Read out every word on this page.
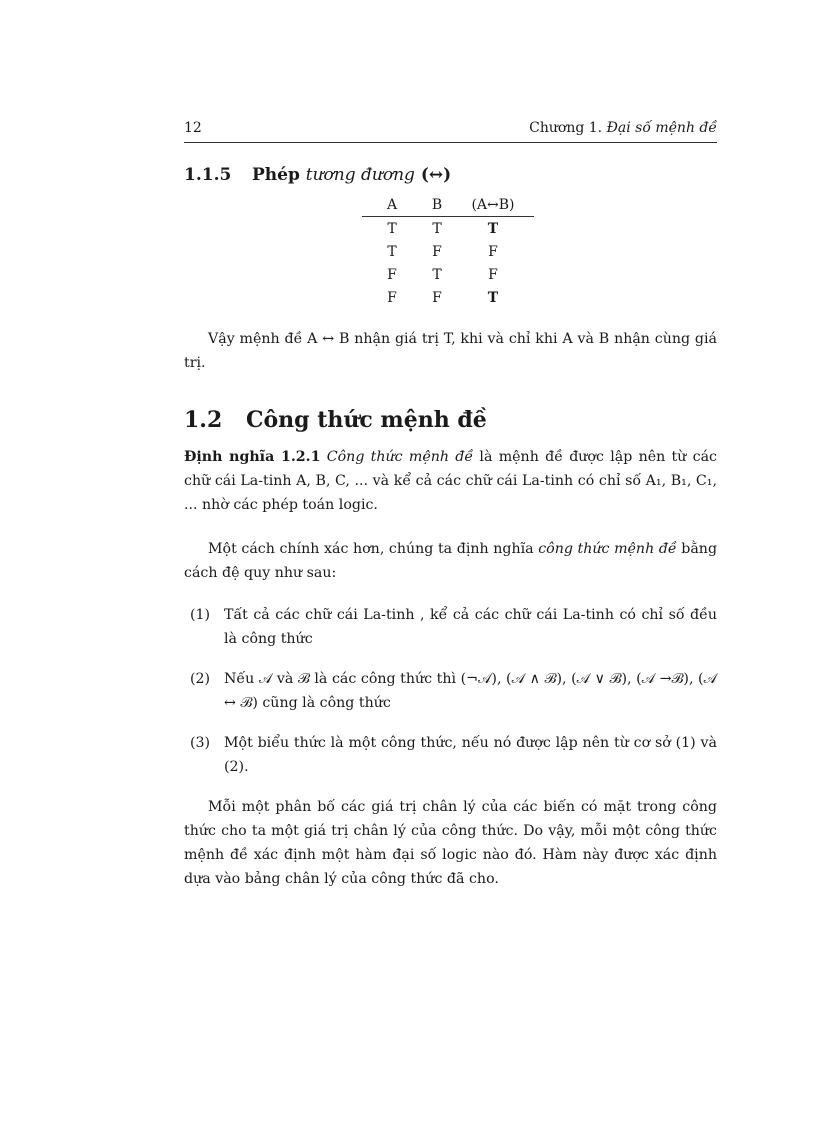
12	Chương 1. Đại số mệnh đề
1.1.5	Phép tương đương (↔)
A	B	(A↔B)
T	T	T
T	F	F
F	T	F
F	F	T

Vậy mệnh đề A ↔ B nhận giá trị T, khi và chỉ khi A và B nhận cùng giá trị.

1.2	Công thức mệnh đề

Định nghĩa 1.2.1 Công thức mệnh đề là mệnh đề được lập nên từ các chữ cái La-tinh A, B, C, ... và kể cả các chữ cái La-tinh có chỉ số A₁, B₁, C₁, ... nhờ các phép toán logic.

Một cách chính xác hơn, chúng ta định nghĩa công thức mệnh đề bằng cách đệ quy như sau:

(1) Tất cả các chữ cái La-tinh , kể cả các chữ cái La-tinh có chỉ số đều là công thức
(2) Nếu 𝒜 và ℬ là các công thức thì (¬𝒜), (𝒜 ∧ ℬ), (𝒜 ∨ ℬ), (𝒜 →ℬ), (𝒜 ↔ ℬ) cũng là công thức
(3) Một biểu thức là một công thức, nếu nó được lập nên từ cơ sở (1) và (2).

Mỗi một phân bố các giá trị chân lý của các biến có mặt trong công thức cho ta một giá trị chân lý của công thức. Do vậy, mỗi một công thức mệnh đề xác định một hàm đại số logic nào đó. Hàm này được xác định dựa vào bảng chân lý của công thức đã cho.
